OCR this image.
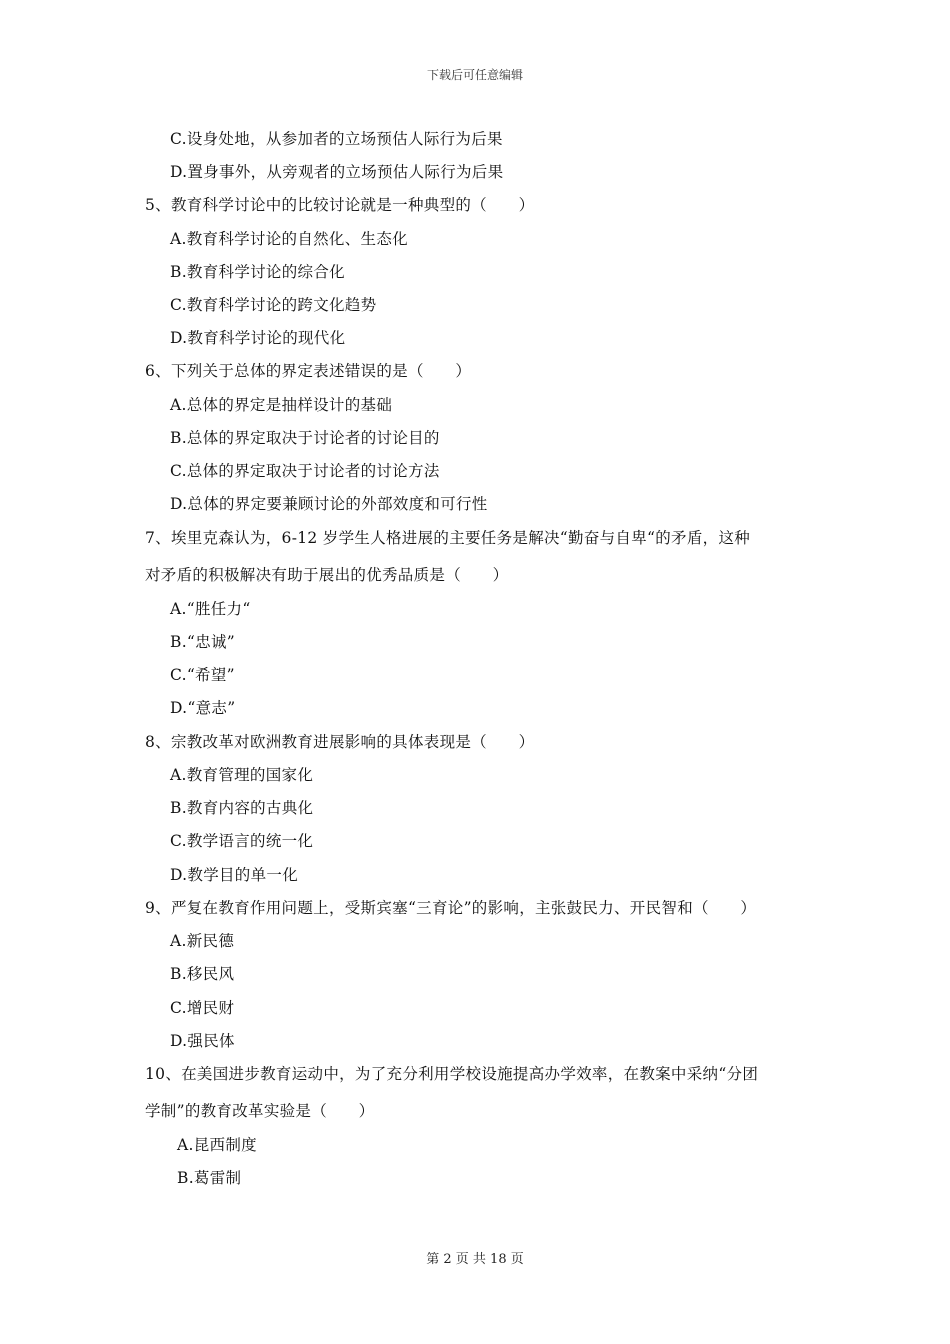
下载后可任意编辑
C.设身处地，从参加者的立场预估人际行为后果
D.置身事外，从旁观者的立场预估人际行为后果
5、教育科学讨论中的比较讨论就是一种典型的（　　）
A.教育科学讨论的自然化、生态化
B.教育科学讨论的综合化
C.教育科学讨论的跨文化趋势
D.教育科学讨论的现代化
6、下列关于总体的界定表述错误的是（　　）
A.总体的界定是抽样设计的基础
B.总体的界定取决于讨论者的讨论目的
C.总体的界定取决于讨论者的讨论方法
D.总体的界定要兼顾讨论的外部效度和可行性
7、埃里克森认为，6-12 岁学生人格进展的主要任务是解决“勤奋与自卑“的矛盾，这种
对矛盾的积极解决有助于展出的优秀品质是（　　）
A.“胜任力“
B.“忠诚”
C.“希望”
D.“意志”
8、宗教改革对欧洲教育进展影响的具体表现是（　　）
A.教育管理的国家化
B.教育内容的古典化
C.教学语言的统一化
D.教学目的单一化
9、严复在教育作用问题上，受斯宾塞“三育论”的影响，主张鼓民力、开民智和（　　）
A.新民德
B.移民风
C.增民财
D.强民体
10、在美国进步教育运动中，为了充分利用学校设施提高办学效率，在教案中采纳“分团
学制”的教育改革实验是（　　）
A.昆西制度
B.葛雷制
第 2 页 共 18 页
